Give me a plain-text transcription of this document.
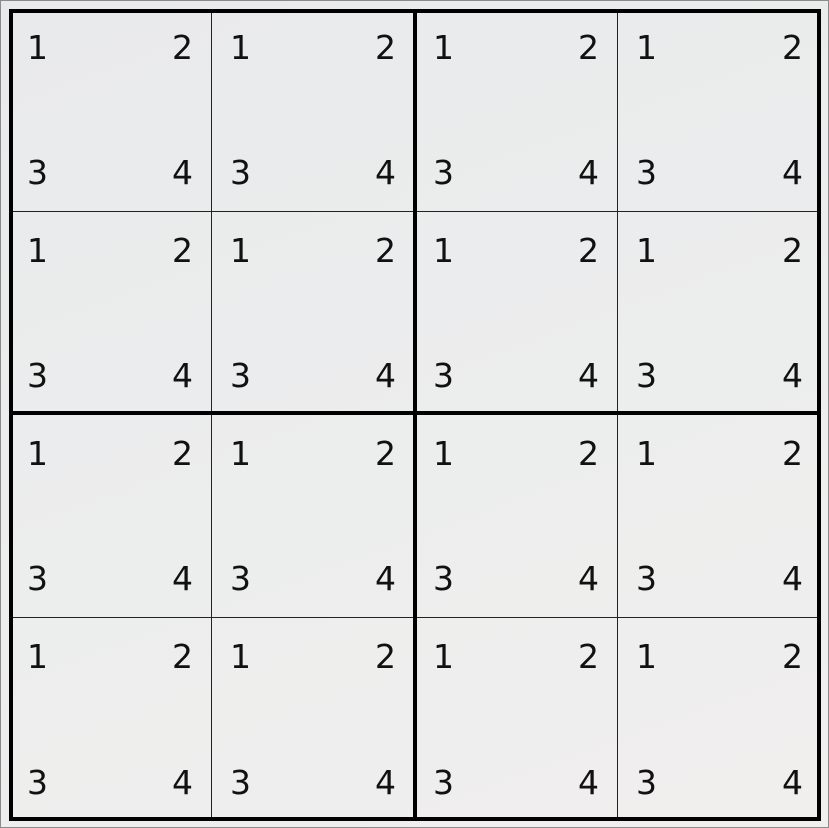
1	2
3	4
1	2
3	4
1	2
3	4
1	2
3	4
1	2
3	4
1	2
3	4
1	2
3	4
1	2
3	4
1	2
3	4
1	2
3	4
1	2
3	4
1	2
3	4
1	2
3	4
1	2
3	4
1	2
3	4
1	2
3	4
